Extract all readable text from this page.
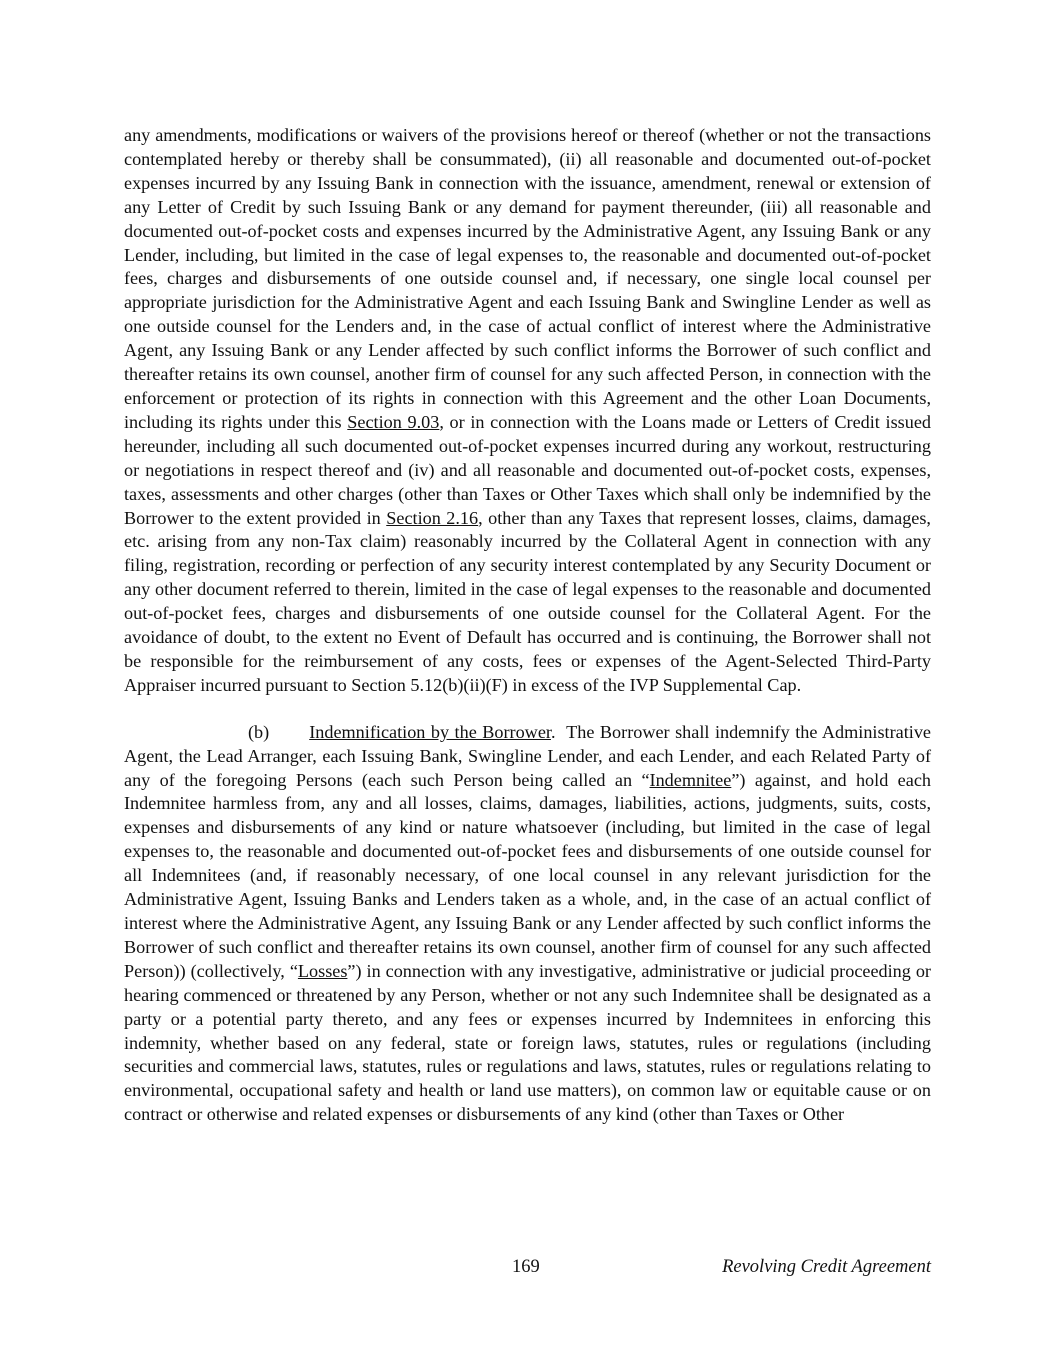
any amendments, modifications or waivers of the provisions hereof or thereof (whether or not the transactions contemplated hereby or thereby shall be consummated), (ii) all reasonable and documented out-of-pocket expenses incurred by any Issuing Bank in connection with the issuance, amendment, renewal or extension of any Letter of Credit by such Issuing Bank or any demand for payment thereunder, (iii) all reasonable and documented out-of-pocket costs and expenses incurred by the Administrative Agent, any Issuing Bank or any Lender, including, but limited in the case of legal expenses to, the reasonable and documented out-of-pocket fees, charges and disbursements of one outside counsel and, if necessary, one single local counsel per appropriate jurisdiction for the Administrative Agent and each Issuing Bank and Swingline Lender as well as one outside counsel for the Lenders and, in the case of actual conflict of interest where the Administrative Agent, any Issuing Bank or any Lender affected by such conflict informs the Borrower of such conflict and thereafter retains its own counsel, another firm of counsel for any such affected Person, in connection with the enforcement or protection of its rights in connection with this Agreement and the other Loan Documents, including its rights under this Section 9.03, or in connection with the Loans made or Letters of Credit issued hereunder, including all such documented out-of-pocket expenses incurred during any workout, restructuring or negotiations in respect thereof and (iv) and all reasonable and documented out-of-pocket costs, expenses, taxes, assessments and other charges (other than Taxes or Other Taxes which shall only be indemnified by the Borrower to the extent provided in Section 2.16, other than any Taxes that represent losses, claims, damages, etc. arising from any non-Tax claim) reasonably incurred by the Collateral Agent in connection with any filing, registration, recording or perfection of any security interest contemplated by any Security Document or any other document referred to therein, limited in the case of legal expenses to the reasonable and documented out-of-pocket fees, charges and disbursements of one outside counsel for the Collateral Agent. For the avoidance of doubt, to the extent no Event of Default has occurred and is continuing, the Borrower shall not be responsible for the reimbursement of any costs, fees or expenses of the Agent-Selected Third-Party Appraiser incurred pursuant to Section 5.12(b)(ii)(F) in excess of the IVP Supplemental Cap.

(b) Indemnification by the Borrower.  The Borrower shall indemnify the Administrative Agent, the Lead Arranger, each Issuing Bank, Swingline Lender, and each Lender, and each Related Party of any of the foregoing Persons (each such Person being called an “Indemnitee”) against, and hold each Indemnitee harmless from, any and all losses, claims, damages, liabilities, actions, judgments, suits, costs, expenses and disbursements of any kind or nature whatsoever (including, but limited in the case of legal expenses to, the reasonable and documented out-of-pocket fees and disbursements of one outside counsel for all Indemnitees (and, if reasonably necessary, of one local counsel in any relevant jurisdiction for the Administrative Agent, Issuing Banks and Lenders taken as a whole, and, in the case of an actual conflict of interest where the Administrative Agent, any Issuing Bank or any Lender affected by such conflict informs the Borrower of such conflict and thereafter retains its own counsel, another firm of counsel for any such affected Person)) (collectively, “Losses”) in connection with any investigative, administrative or judicial proceeding or hearing commenced or threatened by any Person, whether or not any such Indemnitee shall be designated as a party or a potential party thereto, and any fees or expenses incurred by Indemnitees in enforcing this indemnity, whether based on any federal, state or foreign laws, statutes, rules or regulations (including securities and commercial laws, statutes, rules or regulations and laws, statutes, rules or regulations relating to environmental, occupational safety and health or land use matters), on common law or equitable cause or on contract or otherwise and related expenses or disbursements of any kind (other than Taxes or Other

169	Revolving Credit Agreement
